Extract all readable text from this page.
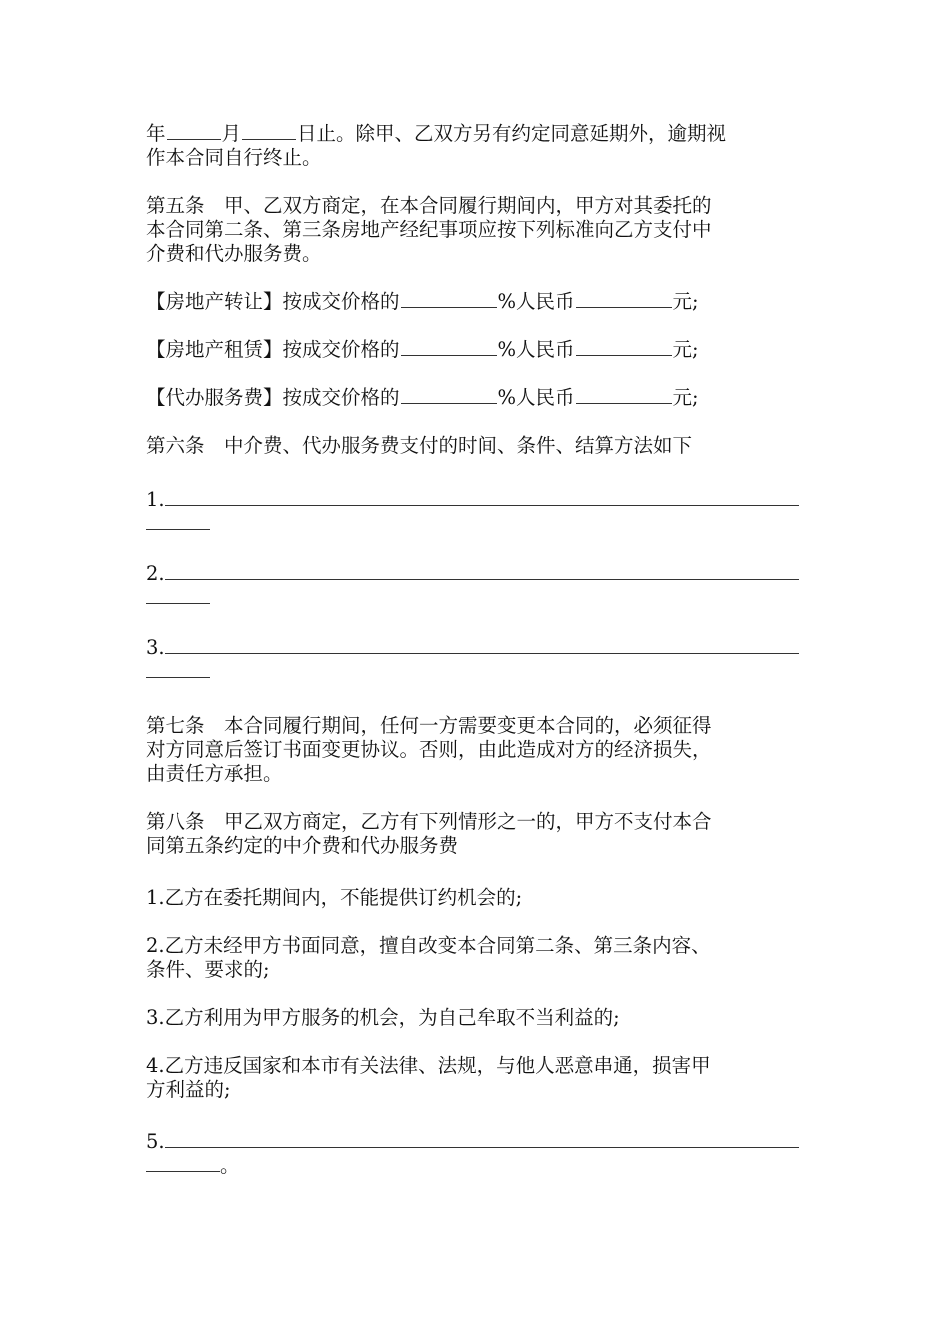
年	月	日止。除甲、乙双方另有约定同意延期外，逾期视

作本合同自行终止。

第五条　甲、乙双方商定，在本合同履行期间内，甲方对其委托的

本合同第二条、第三条房地产经纪事项应按下列标准向乙方支付中

介费和代办服务费。

【房地产转让】按成交价格的	%人民币	元;

【房地产租赁】按成交价格的	%人民币	元;

【代办服务费】按成交价格的	%人民币	元;

第六条　中介费、代办服务费支付的时间、条件、结算方法如下

1.

2.

3.

第七条　本合同履行期间，任何一方需要变更本合同的，必须征得

对方同意后签订书面变更协议。否则，由此造成对方的经济损失，

由责任方承担。

第八条　甲乙双方商定，乙方有下列情形之一的，甲方不支付本合

同第五条约定的中介费和代办服务费

1.乙方在委托期间内，不能提供订约机会的;

2.乙方未经甲方书面同意，擅自改变本合同第二条、第三条内容、

条件、要求的;

3.乙方利用为甲方服务的机会，为自己牟取不当利益的;

4.乙方违反国家和本市有关法律、法规，与他人恶意串通，损害甲

方利益的;

5.

。
